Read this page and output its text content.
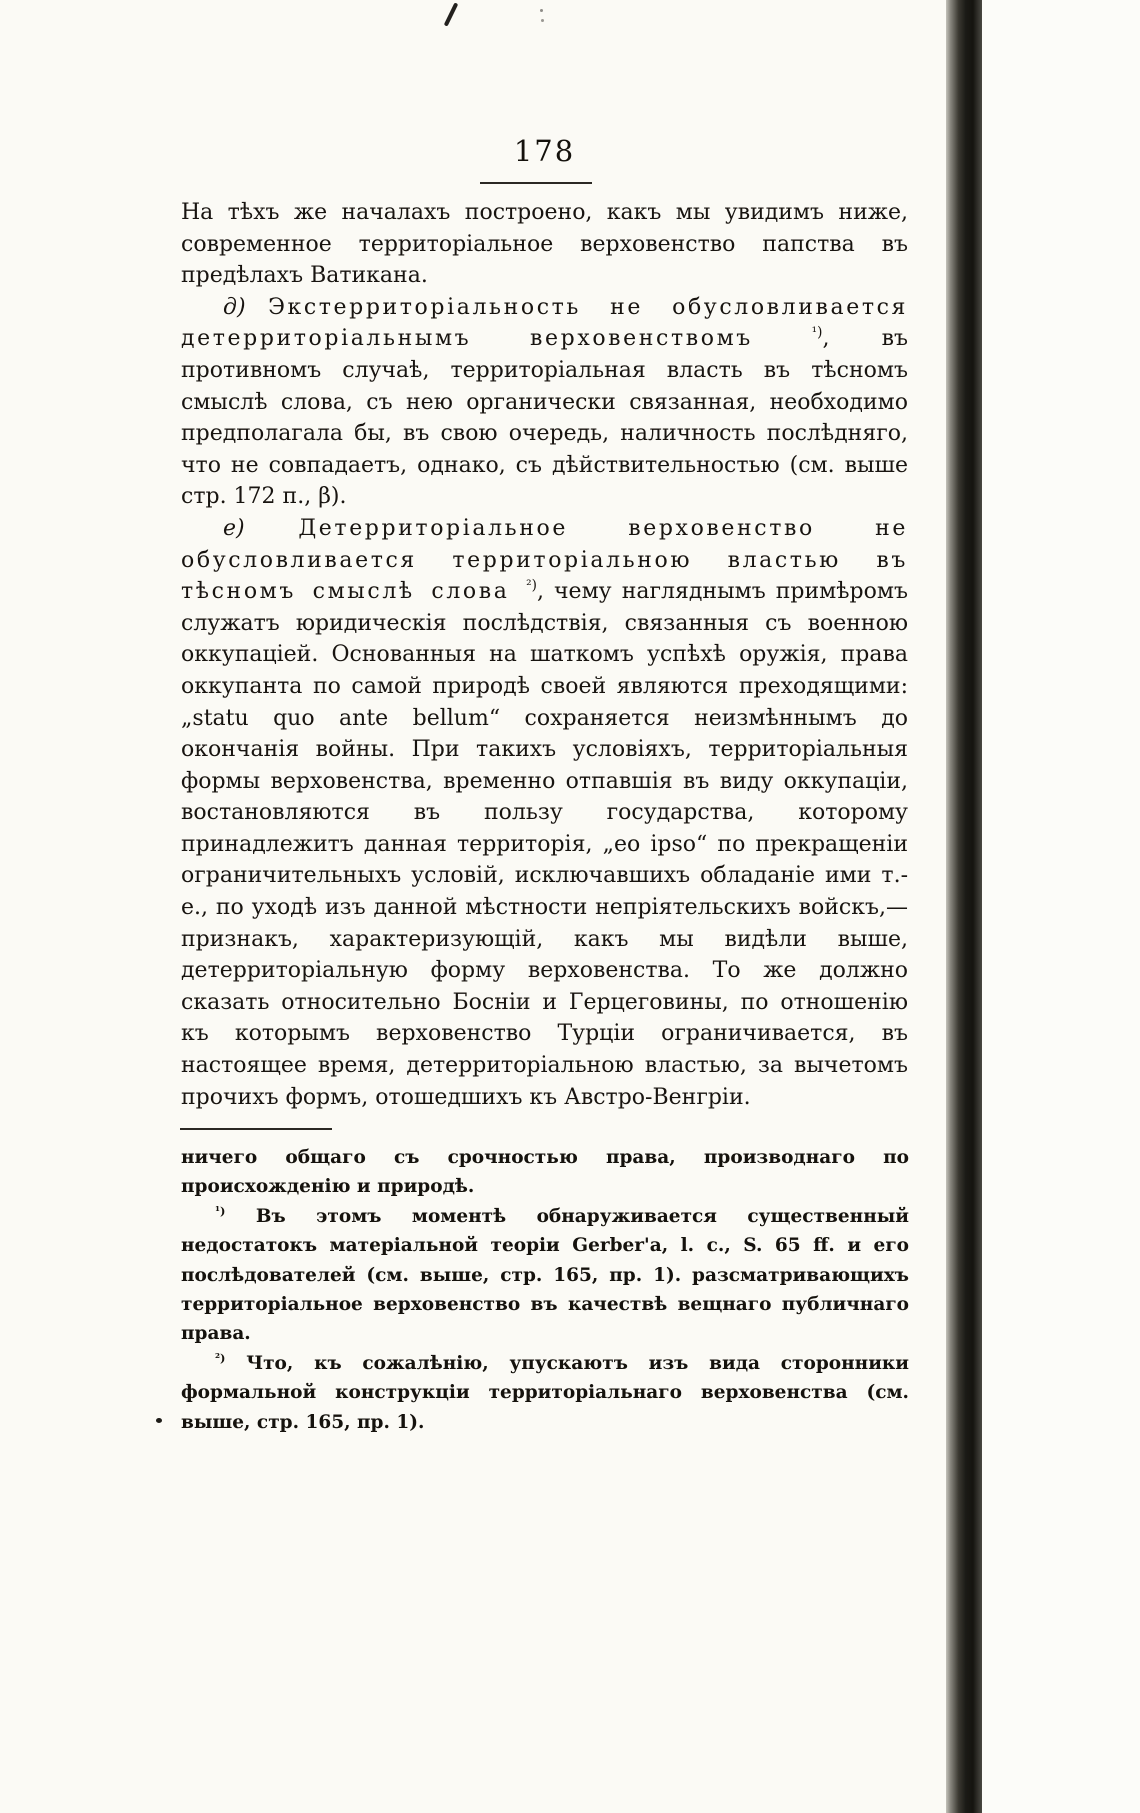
178

На тѣхъ же началахъ построено, какъ мы увидимъ ниже, современное территоріальное верховенство папства въ предѣлахъ Ватикана.

д) Экстерриторіальность не обусловливается детерриторіальнымъ верховенствомъ $^{^1)}$, въ противномъ случаѣ, территоріальная власть въ тѣсномъ смыслѣ слова, съ нею органически связанная, необходимо предполагала бы, въ свою очередь, наличность послѣдняго, что не совпадаетъ, однако, съ дѣйствительностью (см. выше стр. 172 п., β).

е) Детерриторіальное верховенство не обусловливается территоріальною властью въ тѣсномъ смыслѣ слова $^{^2)}$, чему нагляднымъ примѣромъ служатъ юридическія послѣдствія, связанныя съ военною оккупаціей. Основанныя на шаткомъ успѣхѣ оружія, права оккупанта по самой природѣ своей являются преходящими: „statu quo ante bellum“ сохраняется неизмѣннымъ до окончанія войны. При такихъ условіяхъ, территоріальныя формы верховенства, временно отпавшія въ виду оккупаціи, востановляются въ пользу государства, которому принадлежитъ данная территорія, „eo ipso“ по прекращеніи ограничительныхъ условій, исключавшихъ обладаніе ими т.-е., по уходѣ изъ данной мѣстности непріятельскихъ войскъ,—признакъ, характеризующій, какъ мы видѣли выше, детерриторіальную форму верховенства. То же должно сказать относительно Босніи и Герцеговины, по отношенію къ которымъ верховенство Турціи ограничивается, въ настоящее время, детерриторіальною властью, за вычетомъ прочихъ формъ, отошедшихъ къ Австро-Венгріи.

ничего общаго съ срочностью права, производнаго по происхожденію и природѣ.

$^{^1)}$ Въ этомъ моментѣ обнаруживается существенный недостатокъ матеріальной теоріи Gerber'а, l. c., S. 65 ff. и его послѣдователей (см. выше, стр. 165, пр. 1). разсматривающихъ территоріальное верховенство въ качествѣ вещнаго публичнаго права.

$^{^2)}$ Что, къ сожалѣнію, упускаютъ изъ вида сторонники формальной конструкціи территоріальнаго верховенства (см. выше, стр. 165, пр. 1).
